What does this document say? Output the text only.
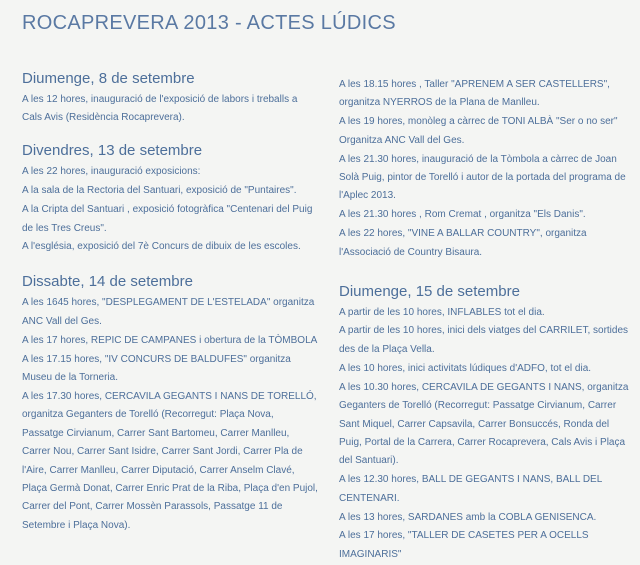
ROCAPREVERA 2013 - ACTES LÚDICS
Diumenge, 8 de setembre

A les 12 hores, inauguració de l'exposició de labors i treballs a Cals Avis (Residència Rocaprevera).

Divendres, 13 de setembre

A les 22 hores, inauguració exposicions:

A la sala de la Rectoria del Santuari, exposició de "Puntaires".

A la Cripta del Santuari , exposició fotogràfica "Centenari del Puig de les Tres Creus".

A l'església, exposició del 7è Concurs de dibuix de les escoles.

Dissabte, 14 de setembre

A les 1645 hores, "DESPLEGAMENT DE L'ESTELADA" organitza ANC Vall del Ges.

A les 17 hores, REPIC DE CAMPANES i obertura de la TÒMBOLA

A les 17.15 hores, "IV CONCURS DE BALDUFES" organitza Museu de la Torneria.

A les 17.30 hores, CERCAVILA GEGANTS I NANS DE TORELLÓ, organitza Geganters de Torelló (Recorregut: Plaça Nova, Passatge Cirvianum, Carrer Sant Bartomeu, Carrer Manlleu, Carrer Nou, Carrer Sant Isidre, Carrer Sant Jordi, Carrer Pla de l'Aire, Carrer Manlleu, Carrer Diputació, Carrer Anselm Clavé, Plaça Germà Donat, Carrer Enric Prat de la Riba, Plaça d'en Pujol, Carrer del Pont, Carrer Mossèn Parassols, Passatge 11 de Setembre i Plaça Nova).

A les 18.15 hores , Taller "APRENEM A SER CASTELLERS", organitza NYERROS de la Plana de Manlleu.

A les 19 hores, monòleg a càrrec de TONI ALBÀ "Ser o no ser" Organitza ANC Vall del Ges.

A les 21.30 hores, inauguració de la Tòmbola a càrrec de Joan Solà Puig, pintor de Torelló i autor de la portada del programa de l'Aplec 2013.

A les 21.30 hores , Rom Cremat , organitza "Els Danis".

A les 22 hores, "VINE A BALLAR COUNTRY", organitza l'Associació de Country Bisaura.

Diumenge, 15 de setembre

A partir de les 10 hores, INFLABLES tot el dia.

A partir de les 10 hores, inici dels viatges del CARRILET, sortides des de la Plaça Vella.

A les 10 hores, inici activitats lúdiques d'ADFO, tot el dia.

A les 10.30 hores, CERCAVILA DE GEGANTS I NANS, organitza Geganters de Torelló (Recorregut: Passatge Cirvianum, Carrer Sant Miquel, Carrer Capsavila, Carrer Bonsuccés, Ronda del Puig, Portal de la Carrera, Carrer Rocaprevera, Cals Avis i Plaça del Santuari).

A les 12.30 hores, BALL DE GEGANTS I NANS, BALL DEL CENTENARI.

A les 13 hores, SARDANES amb la COBLA GENISENCA.

A les 17 hores, "TALLER DE CASETES PER A OCELLS IMAGINARIS"
